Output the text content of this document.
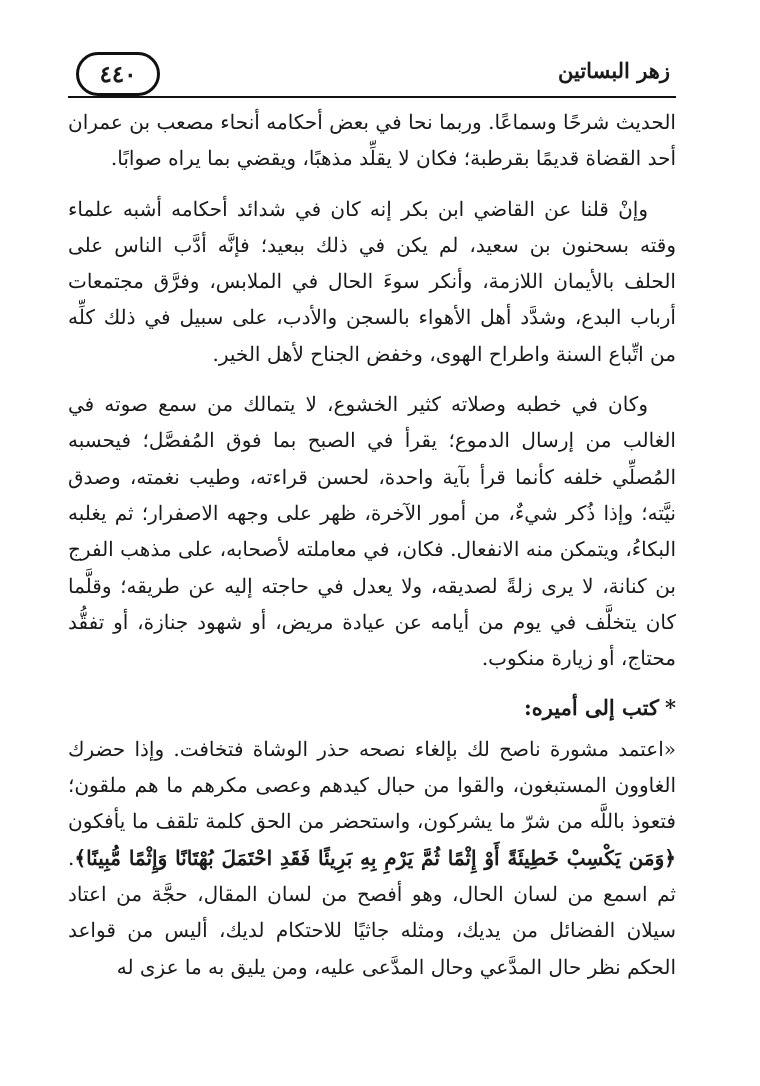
زهر البساتين
٤٤٠

الحديث شرحًا وسماعًا. وربما نحا في بعض أحكامه أنحاء مصعب بن عمران أحد القضاة قديمًا بقرطبة؛ فكان لا يقلِّد مذهبًا، ويقضي بما يراه صوابًا.

وإنْ قلنا عن القاضي ابن بكر إنه كان في شدائد أحكامه أشبه علماء وقته بسحنون بن سعيد، لم يكن في ذلك ببعيد؛ فإنَّه أدَّب الناس على الحلف بالأيمان اللازمة، وأنكر سوءَ الحال في الملابس، وفرَّق مجتمعات أرباب البدع، وشدَّد أهل الأهواء بالسجن والأدب، على سبيل في ذلك كلِّه من اتِّباع السنة واطراح الهوى، وخفض الجناح لأهل الخير.

وكان في خطبه وصلاته كثير الخشوع، لا يتمالك من سمع صوته في الغالب من إرسال الدموع؛ يقرأ في الصبح بما فوق المُفصَّل؛ فيحسبه المُصلِّي خلفه كأنما قرأ بآية واحدة، لحسن قراءته، وطيب نغمته، وصدق نيَّته؛ وإذا ذُكر شيءٌ، من أمور الآخرة، ظهر على وجهه الاصفرار؛ ثم يغلبه البكاءُ، ويتمكن منه الانفعال. فكان، في معاملته لأصحابه، على مذهب الفرج بن كنانة، لا يرى زلةً لصديقه، ولا يعدل في حاجته إليه عن طريقه؛ وقلَّما كان يتخلَّف في يوم من أيامه عن عيادة مريض، أو شهود جنازة، أو تفقُّد محتاج، أو زيارة منكوب.

*كتب إلى أميره:

«اعتمد مشورة ناصح لك بإلغاء نصحه حذر الوشاة فتخافت. وإذا حضرك الغاوون المستبغون، والقوا من حبال كيدهم وعصى مكرهم ما هم ملقون؛ فتعوذ باللَّه من شرّ ما يشركون، واستحضر من الحق كلمة تلقف ما يأفكون ﴿وَمَن يَكْسِبْ خَطِيئَةً أَوْ إِثْمًا ثُمَّ يَرْمِ بِهِ بَرِيئًا فَقَدِ احْتَمَلَ بُهْتَانًا وَإِثْمًا مُّبِينًا﴾. ثم اسمع من لسان الحال، وهو أفصح من لسان المقال، حجَّة من اعتاد سيلان الفضائل من يديك، ومثله جاثيًا للاحتكام لديك، أليس من قواعد الحكم نظر حال المدَّعي وحال المدَّعى عليه، ومن يليق به ما عزى له
